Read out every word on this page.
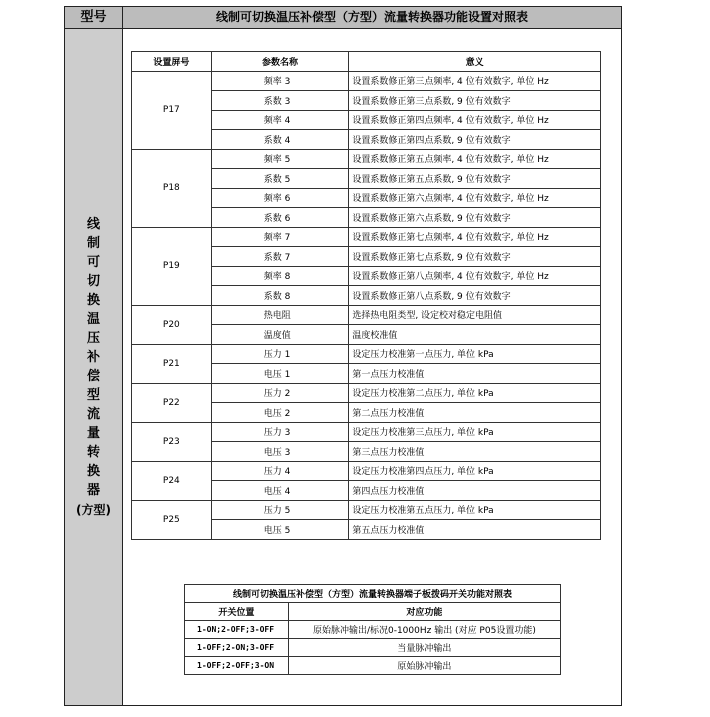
型号	线制可切换温压补偿型（方型）流量转换器功能设置对照表
线
制
可
切
换
温
压
补
偿
型
流
量
转
换
器
(方型)
设置屏号	参数名称	意义
P17	频率 3	设置系数修正第三点频率, 4 位有效数字, 单位 Hz
	系数 3	设置系数修正第三点系数, 9 位有效数字
	频率 4	设置系数修正第四点频率, 4 位有效数字, 单位 Hz
	系数 4	设置系数修正第四点系数, 9 位有效数字
P18	频率 5	设置系数修正第五点频率, 4 位有效数字, 单位 Hz
	系数 5	设置系数修正第五点系数, 9 位有效数字
	频率 6	设置系数修正第六点频率, 4 位有效数字, 单位 Hz
	系数 6	设置系数修正第六点系数, 9 位有效数字
P19	频率 7	设置系数修正第七点频率, 4 位有效数字, 单位 Hz
	系数 7	设置系数修正第七点系数, 9 位有效数字
	频率 8	设置系数修正第八点频率, 4 位有效数字, 单位 Hz
	系数 8	设置系数修正第八点系数, 9 位有效数字
P20	热电阻	选择热电阻类型, 设定校对稳定电阻值
	温度值	温度校准值
P21	压力 1	设定压力校准第一点压力, 单位 kPa
	电压 1	第一点压力校准值
P22	压力 2	设定压力校准第二点压力, 单位 kPa
	电压 2	第二点压力校准值
P23	压力 3	设定压力校准第三点压力, 单位 kPa
	电压 3	第三点压力校准值
P24	压力 4	设定压力校准第四点压力, 单位 kPa
	电压 4	第四点压力校准值
P25	压力 5	设定压力校准第五点压力, 单位 kPa
	电压 5	第五点压力校准值
线制可切换温压补偿型（方型）流量转换器端子板拨码开关功能对照表	
开关位置	对应功能
1-ON;2-OFF;3-OFF	原始脉冲输出/标况0-1000Hz 输出 (对应 P05设置功能)
1-OFF;2-ON;3-OFF	当量脉冲输出
1-OFF;2-OFF;3-ON	原始脉冲输出
